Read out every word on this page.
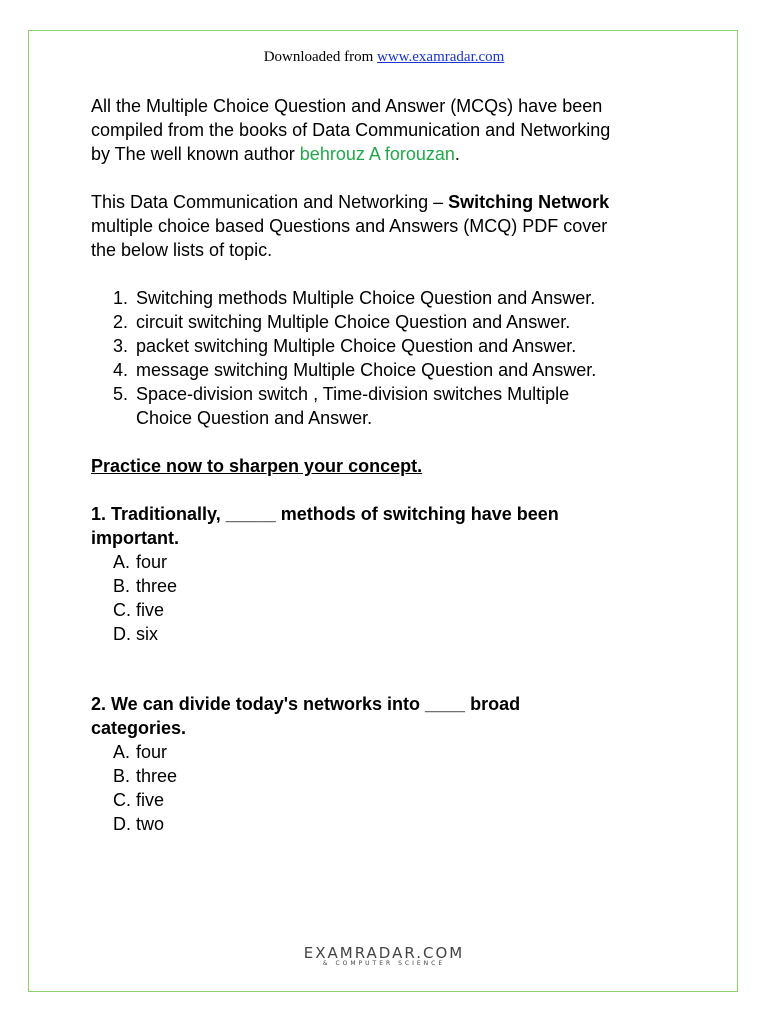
Downloaded from www.examradar.com

All the Multiple Choice Question and Answer (MCQs) have been

compiled from the books of Data Communication and Networking

by The well known author behrouz A forouzan.

This Data Communication and Networking – Switching Network

multiple choice based Questions and Answers (MCQ) PDF cover

the below lists of topic.

1. Switching methods Multiple Choice Question and Answer.
2. circuit switching Multiple Choice Question and Answer.
3. packet switching Multiple Choice Question and Answer.
4. message switching Multiple Choice Question and Answer.
5. Space-division switch , Time-division switches Multiple
Choice Question and Answer.

Practice now to sharpen your concept.

1. Traditionally, _____ methods of switching have been

important.

A. four
B. three
C. five
D. six

2. We can divide today's networks into ____ broad

categories.

A. four
B. three
C. five
D. two
EXAMRADAR.COM
& COMPUTER SCIENCE
